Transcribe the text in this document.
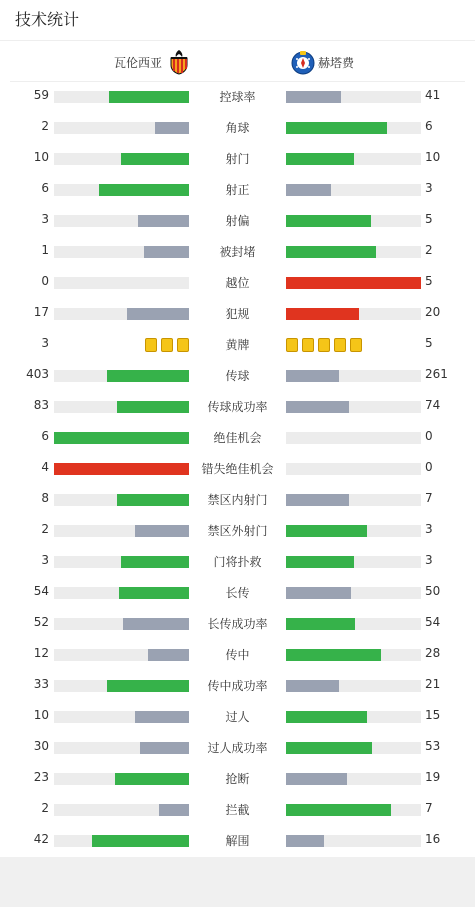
技术统计
瓦伦西亚	赫塔费
59	控球率	41
2	角球	6
10	射门	10
6	射正	3
3	射偏	5
1	被封堵	2
0	越位	5
17	犯规	20
3	黄牌	5
403	传球	261
83	传球成功率	74
6	绝佳机会	0
4	错失绝佳机会	0
8	禁区内射门	7
2	禁区外射门	3
3	门将扑救	3
54	长传	50
52	长传成功率	54
12	传中	28
33	传中成功率	21
10	过人	15
30	过人成功率	53
23	抢断	19
2	拦截	7
42	解围	16
